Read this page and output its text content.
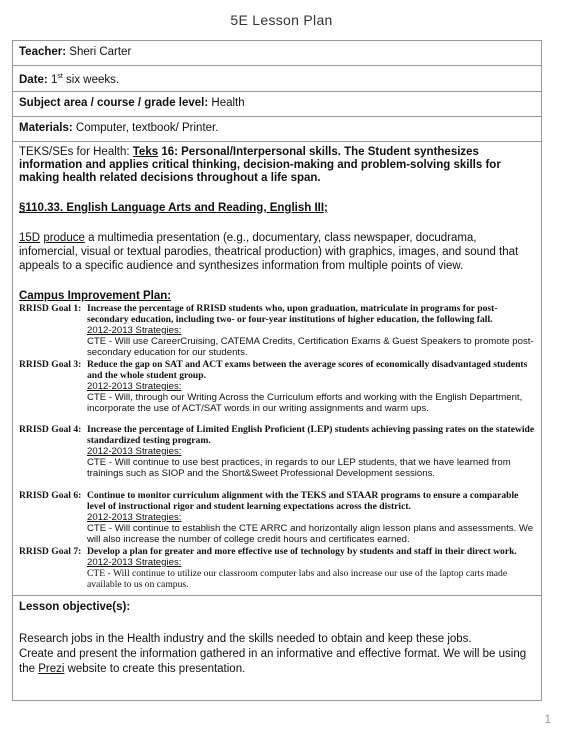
5E Lesson Plan
Teacher: Sheri Carter
Date: 1st six weeks.
Subject area / course / grade level: Health
Materials: Computer, textbook/ Printer.

TEKS/SEs for Health: Teks 16: Personal/Interpersonal skills. The Student synthesizes information and applies critical thinking, decision-making and problem-solving skills for making health related decisions throughout a life span.

§110.33. English Language Arts and Reading, English III;

15D produce a multimedia presentation (e.g., documentary, class newspaper, docudrama, infomercial, visual or textual parodies, theatrical production) with graphics, images, and sound that appeals to a specific audience and synthesizes information from multiple points of view.

Campus Improvement Plan:

RRISD Goal 1: Increase the percentage of RRISD students who, upon graduation, matriculate in programs for post-secondary education, including two- or four-year institutions of higher education, the following fall.
2012-2013 Strategies:
CTE - Will use CareerCruising, CATEMA Credits, Certification Exams & Guest Speakers to promote post-secondary education for our students.
RRISD Goal 3: Reduce the gap on SAT and ACT exams between the average scores of economically disadvantaged students and the whole student group.
2012-2013 Strategies:
CTE - Will, through our Writing Across the Curriculum efforts and working with the English Department, incorporate the use of ACT/SAT words in our writing assignments and warm ups.
RRISD Goal 4: Increase the percentage of Limited English Proficient (LEP) students achieving passing rates on the statewide standardized testing program.
2012-2013 Strategies:
CTE - Will continue to use best practices, in regards to our LEP students, that we have learned from trainings such as SIOP and the Short&Sweet Professional Development sessions.
RRISD Goal 6: Continue to monitor curriculum alignment with the TEKS and STAAR programs to ensure a comparable level of instructional rigor and student learning expectations across the district.
2012-2013 Strategies:
CTE - Will continue to establish the CTE ARRC and horizontally align lesson plans and assessments. We will also increase the number of college credit hours and certificates earned.
RRISD Goal 7: Develop a plan for greater and more effective use of technology by students and staff in their direct work.
2012-2013 Strategies:
CTE - Will continue to utilize our classroom computer labs and also increase our use of the laptop carts made available to us on campus.

Lesson objective(s):

Research jobs in the Health industry and the skills needed to obtain and keep these jobs.

Create and present the information gathered in an informative and effective format. We will be using the Prezi website to create this presentation.

1
